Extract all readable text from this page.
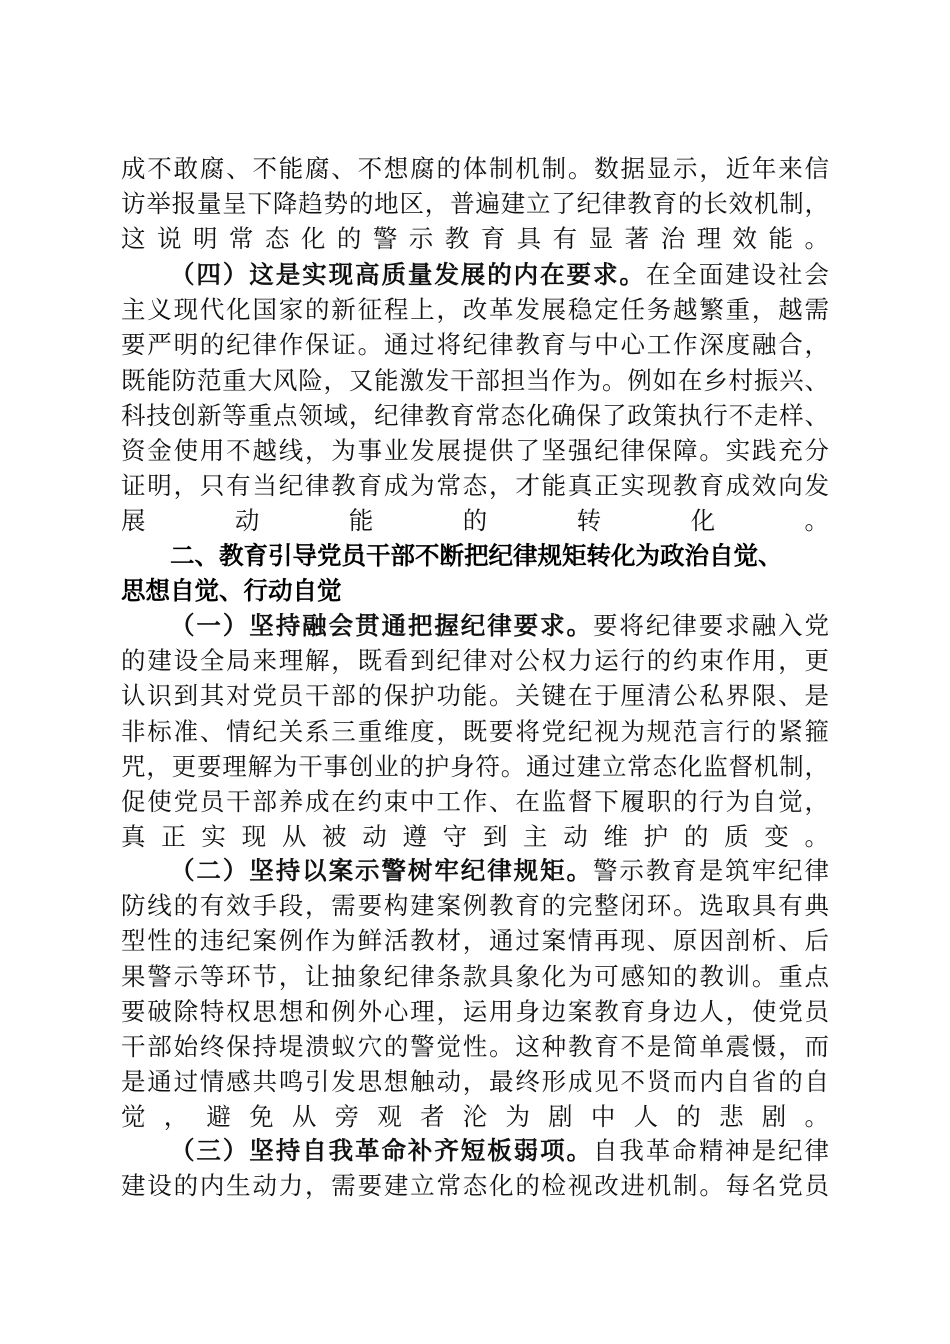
成不敢腐、不能腐、不想腐的体制机制。数据显示，近年来信
访举报量呈下降趋势的地区，普遍建立了纪律教育的长效机制，
这说明常态化的警示教育具有显著治理效能。
（四）这是实现高质量发展的内在要求。在全面建设社会
主义现代化国家的新征程上，改革发展稳定任务越繁重，越需
要严明的纪律作保证。通过将纪律教育与中心工作深度融合，
既能防范重大风险，又能激发干部担当作为。例如在乡村振兴、
科技创新等重点领域，纪律教育常态化确保了政策执行不走样、
资金使用不越线，为事业发展提供了坚强纪律保障。实践充分
证明，只有当纪律教育成为常态，才能真正实现教育成效向发
展动能的转化。
二、教育引导党员干部不断把纪律规矩转化为政治自觉、
思想自觉、行动自觉
（一）坚持融会贯通把握纪律要求。要将纪律要求融入党
的建设全局来理解，既看到纪律对公权力运行的约束作用，更
认识到其对党员干部的保护功能。关键在于厘清公私界限、是
非标准、情纪关系三重维度，既要将党纪视为规范言行的紧箍
咒，更要理解为干事创业的护身符。通过建立常态化监督机制，
促使党员干部养成在约束中工作、在监督下履职的行为自觉，
真正实现从被动遵守到主动维护的质变。
（二）坚持以案示警树牢纪律规矩。警示教育是筑牢纪律
防线的有效手段，需要构建案例教育的完整闭环。选取具有典
型性的违纪案例作为鲜活教材，通过案情再现、原因剖析、后
果警示等环节，让抽象纪律条款具象化为可感知的教训。重点
要破除特权思想和例外心理，运用身边案教育身边人，使党员
干部始终保持堤溃蚁穴的警觉性。这种教育不是简单震慑，而
是通过情感共鸣引发思想触动，最终形成见不贤而内自省的自
觉，避免从旁观者沦为剧中人的悲剧。
（三）坚持自我革命补齐短板弱项。自我革命精神是纪律
建设的内生动力，需要建立常态化的检视改进机制。每名党员
